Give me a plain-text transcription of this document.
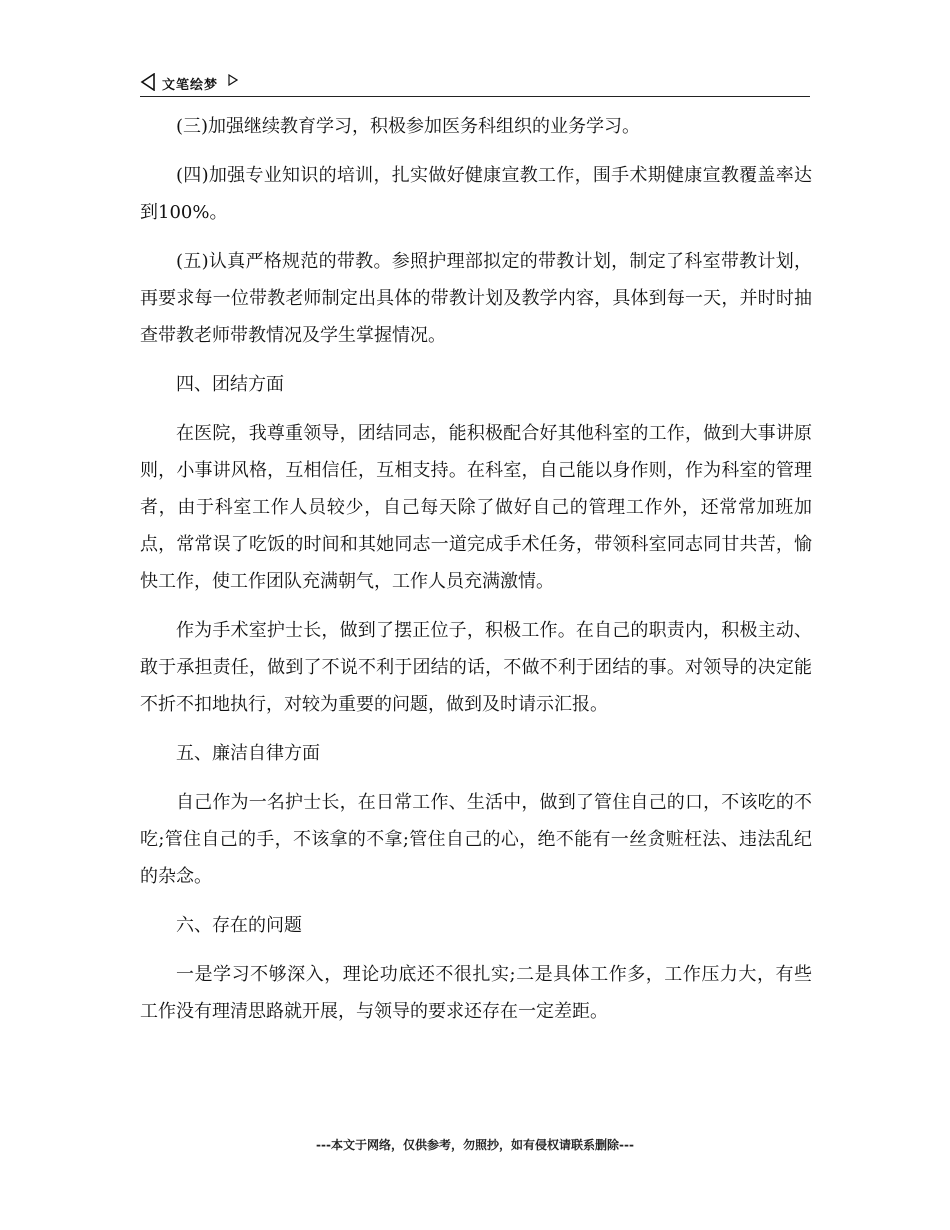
文笔绘梦

(三)加强继续教育学习，积极参加医务科组织的业务学习。

(四)加强专业知识的培训，扎实做好健康宣教工作，围手术期健康宣教覆盖率达到100%。

(五)认真严格规范的带教。参照护理部拟定的带教计划，制定了科室带教计划，再要求每一位带教老师制定出具体的带教计划及教学内容，具体到每一天，并时时抽查带教老师带教情况及学生掌握情况。

四、团结方面

在医院，我尊重领导，团结同志，能积极配合好其他科室的工作，做到大事讲原则，小事讲风格，互相信任，互相支持。在科室，自己能以身作则，作为科室的管理者，由于科室工作人员较少，自己每天除了做好自己的管理工作外，还常常加班加点，常常误了吃饭的时间和其她同志一道完成手术任务，带领科室同志同甘共苦，愉快工作，使工作团队充满朝气，工作人员充满激情。

作为手术室护士长，做到了摆正位子，积极工作。在自己的职责内，积极主动、敢于承担责任，做到了不说不利于团结的话，不做不利于团结的事。对领导的决定能不折不扣地执行，对较为重要的问题，做到及时请示汇报。

五、廉洁自律方面

自己作为一名护士长，在日常工作、生活中，做到了管住自己的口，不该吃的不吃;管住自己的手，不该拿的不拿;管住自己的心，绝不能有一丝贪赃枉法、违法乱纪的杂念。

六、存在的问题

一是学习不够深入，理论功底还不很扎实;二是具体工作多，工作压力大，有些工作没有理清思路就开展，与领导的要求还存在一定差距。

---本文于网络，仅供参考，勿照抄，如有侵权请联系删除---
